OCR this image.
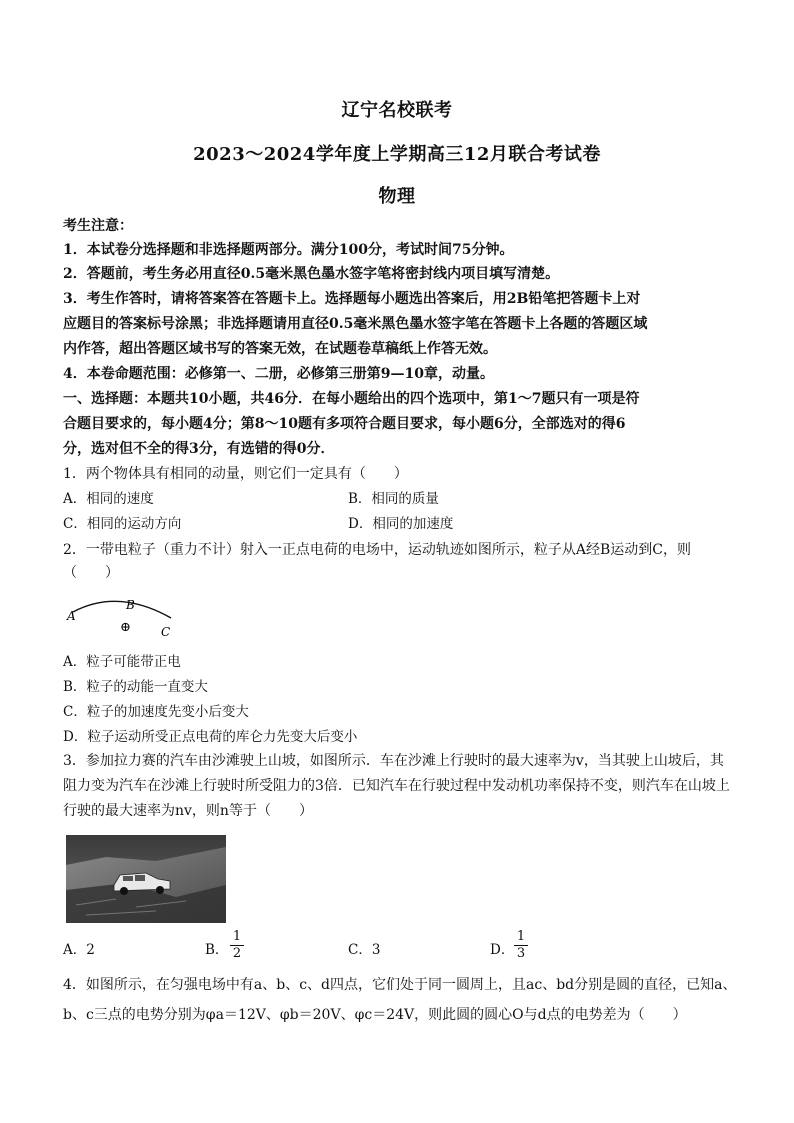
辽宁名校联考
2023～2024学年度上学期高三12月联合考试卷
物理
考生注意：
1．本试卷分选择题和非选择题两部分。满分100分，考试时间75分钟。
2．答题前，考生务必用直径0.5毫米黑色墨水签字笔将密封线内项目填写清楚。
3．考生作答时，请将答案答在答题卡上。选择题每小题选出答案后，用2B铅笔把答题卡上对
应题目的答案标号涂黑；非选择题请用直径0.5毫米黑色墨水签字笔在答题卡上各题的答题区域
内作答，超出答题区域书写的答案无效，在试题卷草稿纸上作答无效。
4．本卷命题范围：必修第一、二册，必修第三册第9—10章，动量。
一、选择题：本题共10小题，共46分．在每小题给出的四个选项中，第1～7题只有一项是符
合题目要求的，每小题4分；第8～10题有多项符合题目要求，每小题6分，全部选对的得6
分，选对但不全的得3分，有选错的得0分．
1．两个物体具有相同的动量，则它们一定具有（　　）
A．相同的速度	B．相同的质量
C．相同的运动方向	D．相同的加速度
2．一带电粒子（重力不计）射入一正点电荷的电场中，运动轨迹如图所示，粒子从A经B运动到C，则
（　　）
A
B
C
⊕
A．粒子可能带正电
B．粒子的动能一直变大
C．粒子的加速度先变小后变大
D．粒子运动所受正点电荷的库仑力先变大后变小
3．参加拉力赛的汽车由沙滩驶上山坡，如图所示．车在沙滩上行驶时的最大速率为v，当其驶上山坡后，其
阻力变为汽车在沙滩上行驶时所受阻力的3倍．已知汽车在行驶过程中发动机功率保持不变，则汽车在山坡上
行驶的最大速率为nv，则n等于（　　）
A．2	B．
1
2	C．3	D．
1
3
4．如图所示，在匀强电场中有a、b、c、d四点，它们处于同一圆周上，且ac、bd分别是圆的直径，已知a、
b、c三点的电势分别为φa＝12V、φb＝20V、φc＝24V，则此圆的圆心O与d点的电势差为（　　）
